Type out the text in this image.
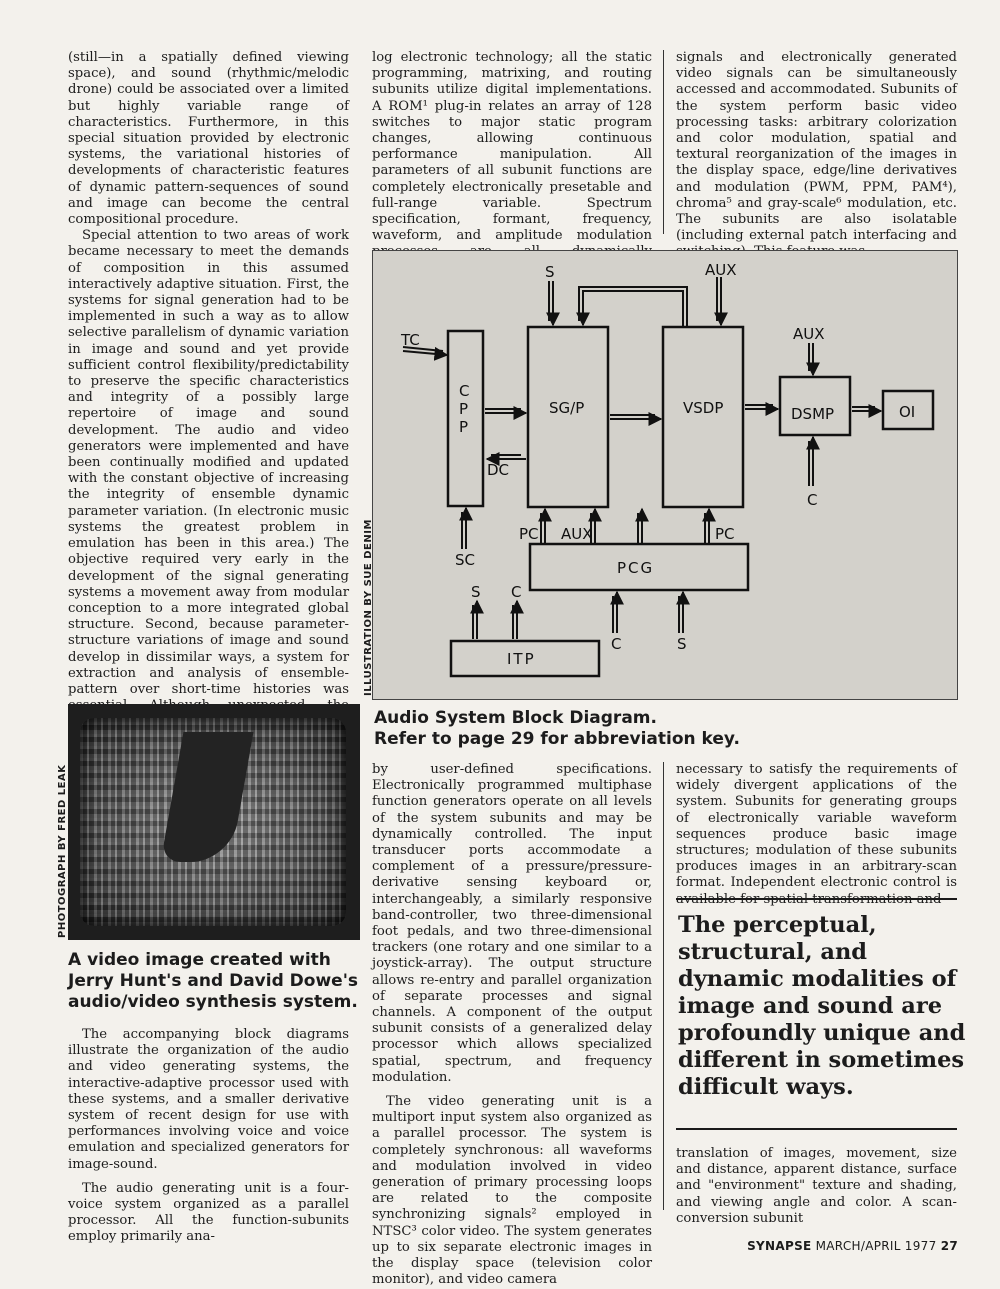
(still—in a spatially defined viewing space), and sound (rhythmic/melodic drone) could be associated over a limited but highly variable range of characteristics. Furthermore, in this special situation provided by electronic systems, the variational histories of developments of characteristic features of dynamic pattern-sequences of sound and image can become the central compositional procedure.

Special attention to two areas of work became necessary to meet the demands of composition in this assumed interactively adaptive situation. First, the systems for signal generation had to be implemented in such a way as to allow selective parallelism of dynamic variation in image and sound and yet provide sufficient control flexibility/predictability to preserve the specific characteristics and integrity of a possibly large repertoire of image and sound development. The audio and video generators were implemented and have been continually modified and updated with the constant objective of increasing the integrity of ensemble dynamic parameter variation. (In electronic music systems the greatest problem in emulation has been in this area.) The objective required very early in the development of the signal generating systems a movement away from modular conception to a more integrated global structure. Second, because parameter-structure variations of image and sound develop in dissimilar ways, a system for extraction and analysis of ensemble-pattern over short-time histories was

log electronic technology; all the static programming, matrixing, and routing subunits utilize digital implementations. A ROM¹ plug-in relates an array of 128 switches to major static program changes, allowing continuous performance manipulation. All parameters of all subunit functions are completely electronically presetable and full-range variable. Spectrum specification, formant, frequency, waveform, and amplitude modulation

signals and electronically generated video signals can be simultaneously accessed and accommodated. Subunits of the system perform basic video processing tasks: arbitrary colorization and color modulation, spatial and textural reorganization of the images in the display space, edge/line derivatives and modulation (PWM, PPM, PAM⁴), chroma⁵ and gray-scale⁶ modulation, etc. The subunits are also isolatable (including external patch interfacing and

C
P
P
SG/P	VSDP	DSMP	OI
PCG
ITP
TC
DC
SC
S	AUX
AUX
C
PC AUX	PC
S C
C	S
ILLUSTRATION BY SUE DENIM
Audio System Block Diagram.
Refer to page 29 for abbreviation key.
PHOTOGRAPH BY FRED LEAK
A video image created with Jerry Hunt's and David Dowe's audio/video synthesis system.

The accompanying block diagrams illustrate the organization of the audio and video generating systems, the interactive-adaptive processor used with these systems, and a smaller derivative system of recent design for use with performances involving voice and voice emulation and specialized generators for image-sound.

The audio generating unit is a four-voice system organized as a parallel processor. All the function-subunits employ primarily ana-

by user-defined specifications. Electronically programmed multiphase function generators operate on all levels of the system subunits and may be dynamically controlled. The input transducer ports accommodate a complement of a pressure/pressure-derivative sensing keyboard or, interchangeably, a similarly responsive band-controller, two three-dimensional foot pedals, and two three-dimensional trackers (one rotary and one similar to a joystick-array). The output structure allows re-entry and parallel organization of separate processes and signal channels. A component of the output subunit consists of a generalized delay processor which allows specialized spatial, spectrum, and frequency modulation.

The video generating unit is a multiport input system also organized as a parallel processor. The system is completely synchronous: all waveforms and modulation involved in video generation of primary processing loops are related to the composite synchronizing signals² employed in NTSC³ color video. The system generates up to six separate electronic images in the display space (television color monitor), and video camera

necessary to satisfy the requirements of widely divergent applications of the system. Subunits for generating groups of electronically variable waveform sequences produce basic image structures; modulation of these subunits produces images in an arbitrary-scan format. Independent electronic control is

The perceptual, structural, and dynamic modalities of image and sound are profoundly unique and different in sometimes difficult ways.

translation of images, movement, size and distance, apparent distance, surface and "environment" texture and shading, and viewing angle and color. A scan-conversion subunit

SYNAPSE MARCH/APRIL 1977 27
